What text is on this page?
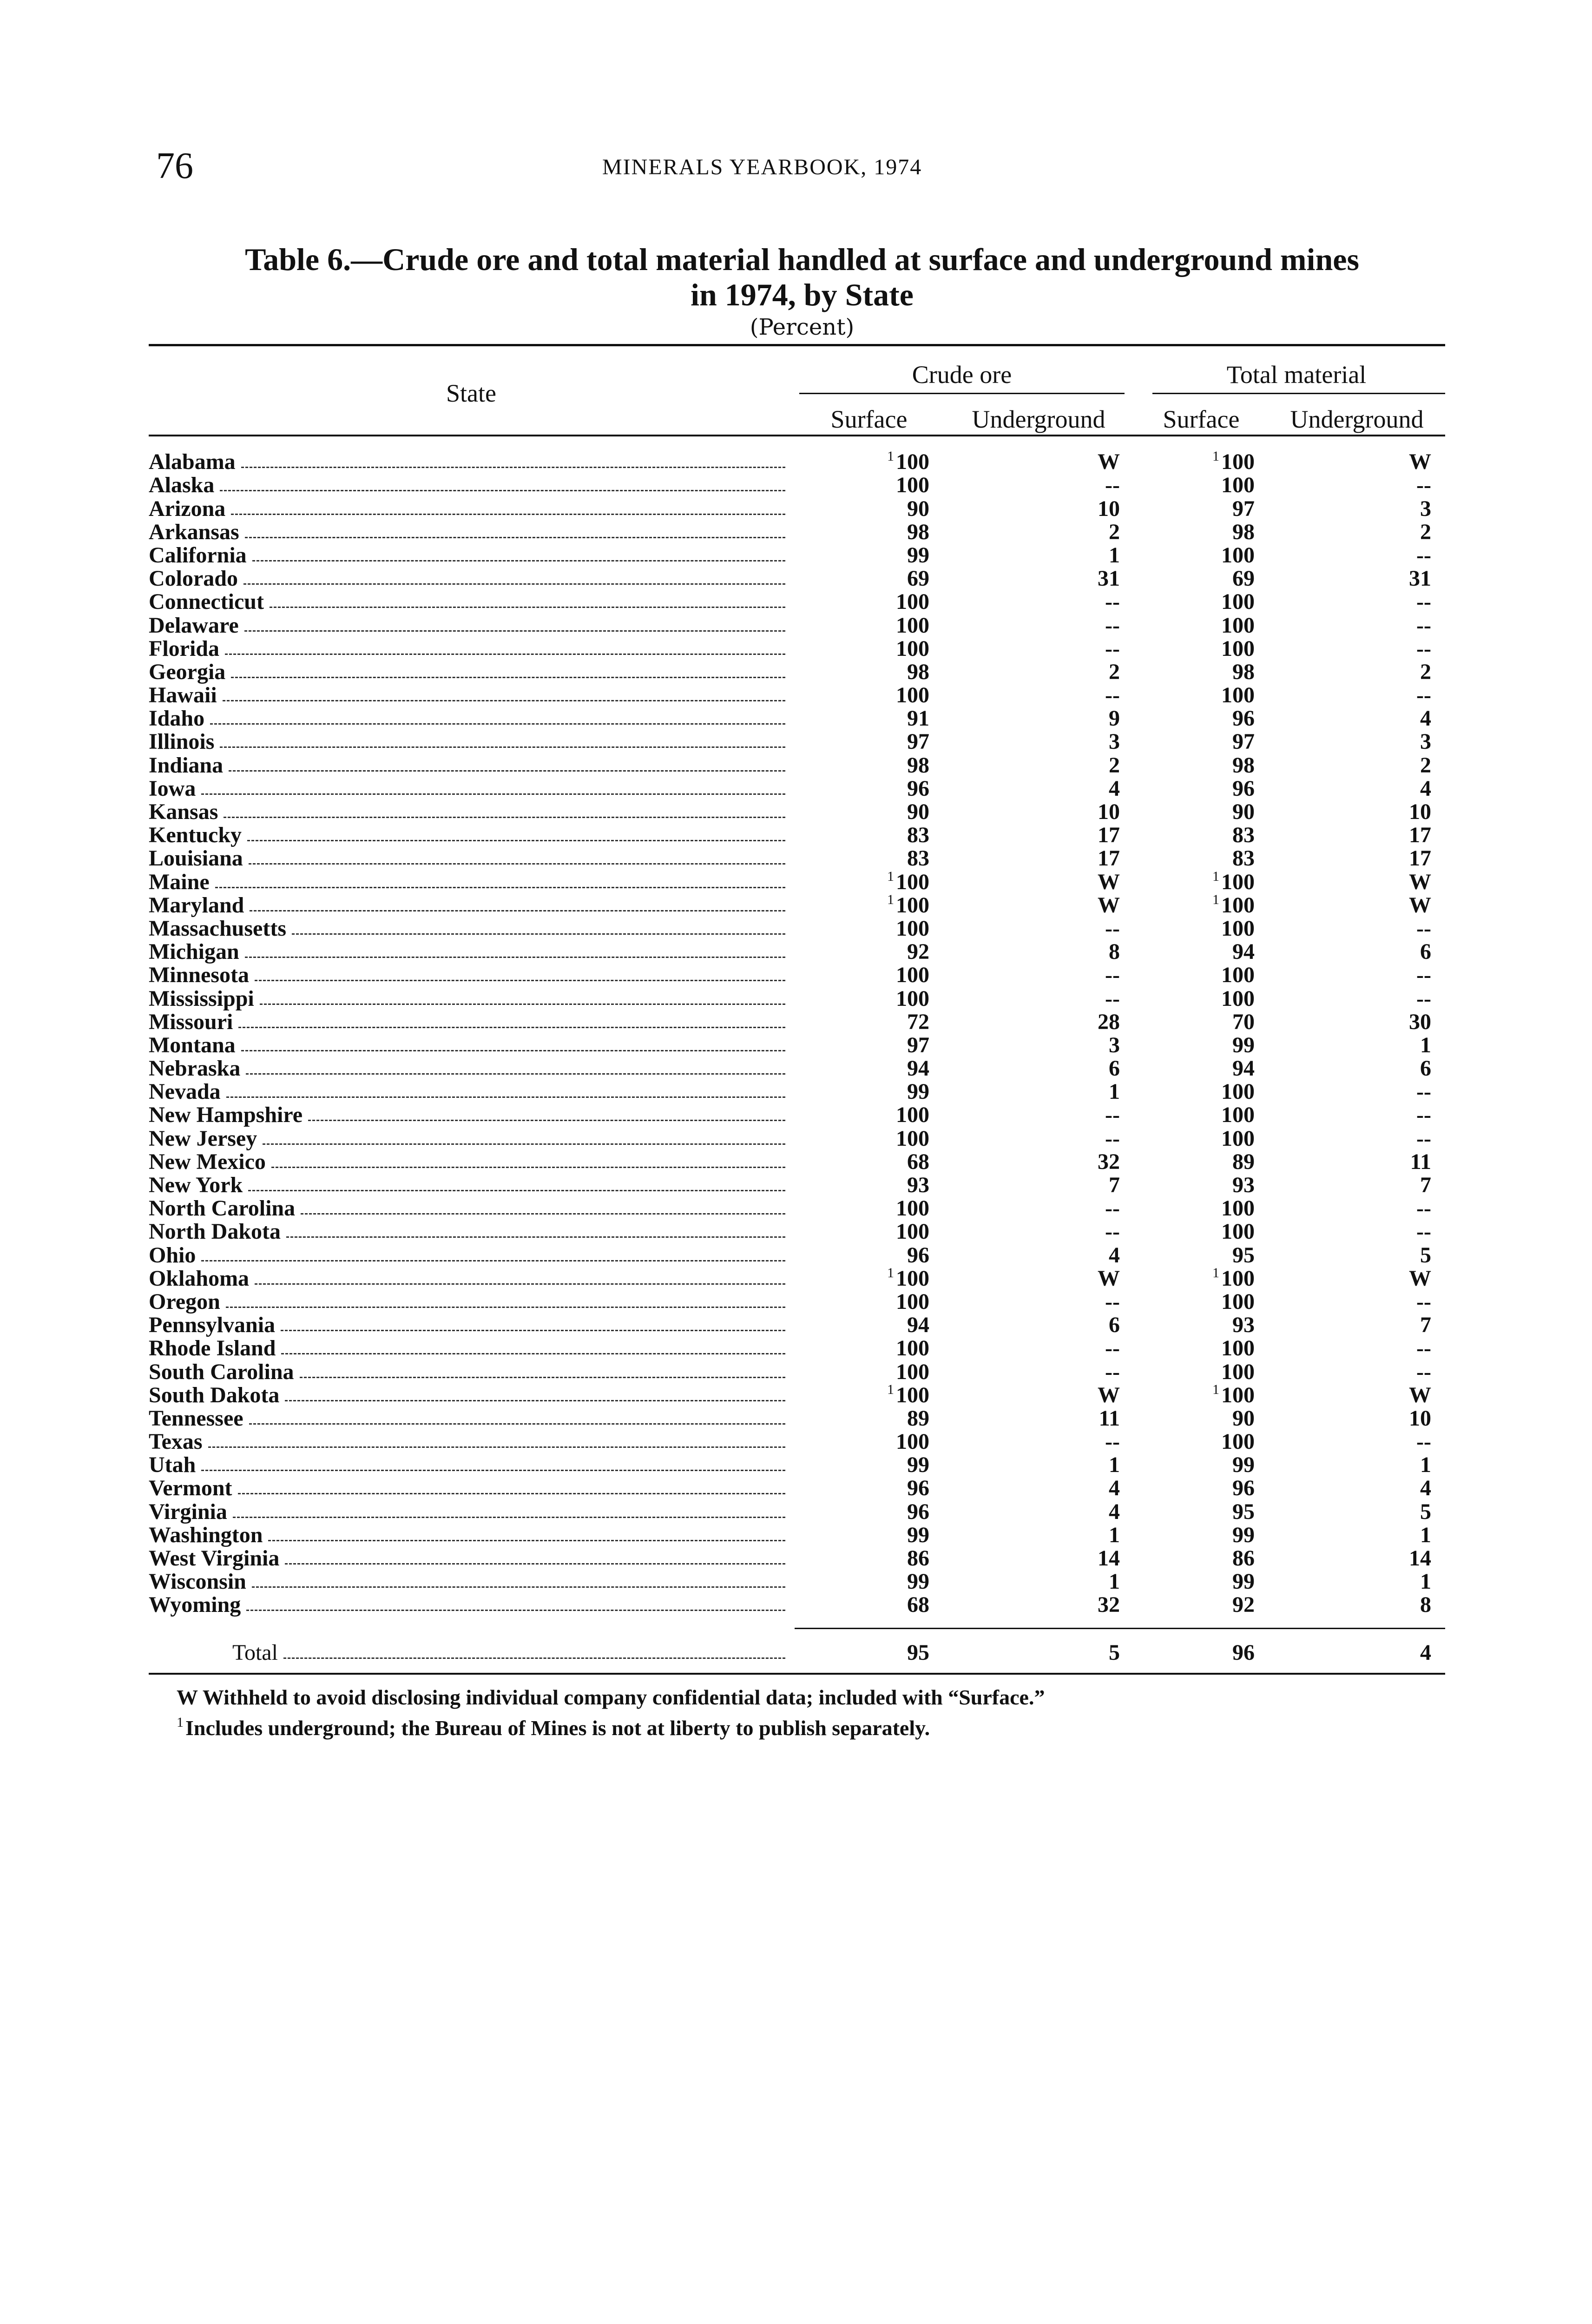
76	MINERALS YEARBOOK, 1974
Table 6.—Crude ore and total material handled at surface and underground mines
in 1974, by State
(Percent)
State
Crude ore	Total material
Surface	Underground	Surface	Underground
Alabama	$^1$100	W	$^1$100	W
Alaska	100	--	100	--
Arizona	90	10	97	3
Arkansas	98	2	98	2
California	99	1	100	--
Colorado	69	31	69	31
Connecticut	100	--	100	--
Delaware	100	--	100	--
Florida	100	--	100	--
Georgia	98	2	98	2
Hawaii	100	--	100	--
Idaho	91	9	96	4
Illinois	97	3	97	3
Indiana	98	2	98	2
Iowa	96	4	96	4
Kansas	90	10	90	10
Kentucky	83	17	83	17
Louisiana	83	17	83	17
Maine	$^1$100	W	$^1$100	W
Maryland	$^1$100	W	$^1$100	W
Massachusetts	100	--	100	--
Michigan	92	8	94	6
Minnesota	100	--	100	--
Mississippi	100	--	100	--
Missouri	72	28	70	30
Montana	97	3	99	1
Nebraska	94	6	94	6
Nevada	99	1	100	--
New Hampshire	100	--	100	--
New Jersey	100	--	100	--
New Mexico	68	32	89	11
New York	93	7	93	7
North Carolina	100	--	100	--
North Dakota	100	--	100	--
Ohio	96	4	95	5
Oklahoma	$^1$100	W	$^1$100	W
Oregon	100	--	100	--
Pennsylvania	94	6	93	7
Rhode Island	100	--	100	--
South Carolina	100	--	100	--
South Dakota	$^1$100	W	$^1$100	W
Tennessee	89	11	90	10
Texas	100	--	100	--
Utah	99	1	99	1
Vermont	96	4	96	4
Virginia	96	4	95	5
Washington	99	1	99	1
West Virginia	86	14	86	14
Wisconsin	99	1	99	1
Wyoming	68	32	92	8
Total	95	5	96	4
W Withheld to avoid disclosing individual company confidential data; included with “Surface.”
$^1$Includes underground; the Bureau of Mines is not at liberty to publish separately.
